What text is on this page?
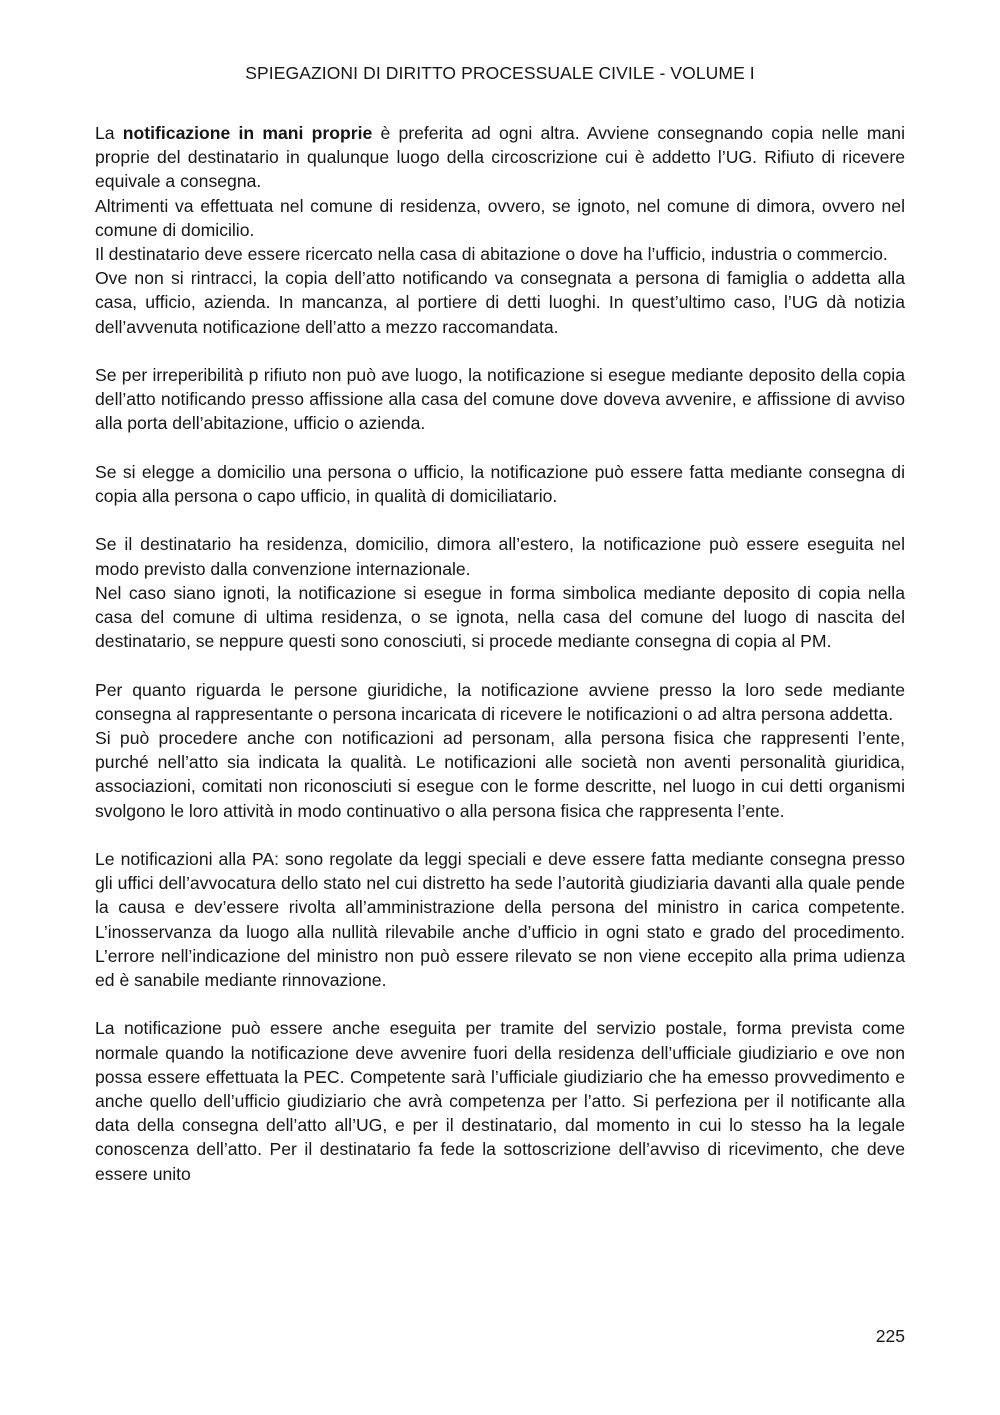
SPIEGAZIONI DI DIRITTO PROCESSUALE CIVILE - VOLUME I

La notificazione in mani proprie è preferita ad ogni altra. Avviene consegnando copia nelle mani proprie del destinatario in qualunque luogo della circoscrizione cui è addetto l’UG. Rifiuto di ricevere equivale a consegna.

Altrimenti va effettuata nel comune di residenza, ovvero, se ignoto, nel comune di dimora, ovvero nel comune di domicilio.

Il destinatario deve essere ricercato nella casa di abitazione o dove ha l’ufficio, industria o commercio.

Ove non si rintracci, la copia dell’atto notificando va consegnata a persona di famiglia o addetta alla casa, ufficio, azienda. In mancanza, al portiere di detti luoghi. In quest’ultimo caso, l’UG dà notizia dell’avvenuta notificazione dell’atto a mezzo raccomandata.

Se per irreperibilità p rifiuto non può ave luogo, la notificazione si esegue mediante deposito della copia dell’atto notificando presso affissione alla casa del comune dove doveva avvenire, e affissione di avviso alla porta dell’abitazione, ufficio o azienda.

Se si elegge a domicilio una persona o ufficio, la notificazione può essere fatta mediante consegna di copia alla persona o capo ufficio, in qualità di domiciliatario.

Se il destinatario ha residenza, domicilio, dimora all’estero, la notificazione può essere eseguita nel modo previsto dalla convenzione internazionale.

Nel caso siano ignoti, la notificazione si esegue in forma simbolica mediante deposito di copia nella casa del comune di ultima residenza, o se ignota, nella casa del comune del luogo di nascita del destinatario, se neppure questi sono conosciuti, si procede mediante consegna di copia al PM.

Per quanto riguarda le persone giuridiche, la notificazione avviene presso la loro sede mediante consegna al rappresentante o persona incaricata di ricevere le notificazioni o ad altra persona addetta.

Si può procedere anche con notificazioni ad personam, alla persona fisica che rappresenti l’ente, purché nell’atto sia indicata la qualità. Le notificazioni alle società non aventi personalità giuridica, associazioni, comitati non riconosciuti si esegue con le forme descritte, nel luogo in cui detti organismi svolgono le loro attività in modo continuativo o alla persona fisica che rappresenta l’ente.

Le notificazioni alla PA: sono regolate da leggi speciali e deve essere fatta mediante consegna presso gli uffici dell’avvocatura dello stato nel cui distretto ha sede l’autorità giudiziaria davanti alla quale pende la causa e dev’essere rivolta all’amministrazione della persona del ministro in carica competente. L’inosservanza da luogo alla nullità rilevabile anche d’ufficio in ogni stato e grado del procedimento. L’errore nell’indicazione del ministro non può essere rilevato se non viene eccepito alla prima udienza ed è sanabile mediante rinnovazione.

La notificazione può essere anche eseguita per tramite del servizio postale, forma prevista come normale quando la notificazione deve avvenire fuori della residenza dell’ufficiale giudiziario e ove non possa essere effettuata la PEC. Competente sarà l’ufficiale giudiziario che ha emesso provvedimento e anche quello dell’ufficio giudiziario che avrà competenza per l’atto. Si perfeziona per il notificante alla data della consegna dell’atto all’UG, e per il destinatario, dal momento in cui lo stesso ha la legale conoscenza dell’atto. Per il destinatario fa fede la sottoscrizione dell’avviso di ricevimento, che deve essere unito

225
